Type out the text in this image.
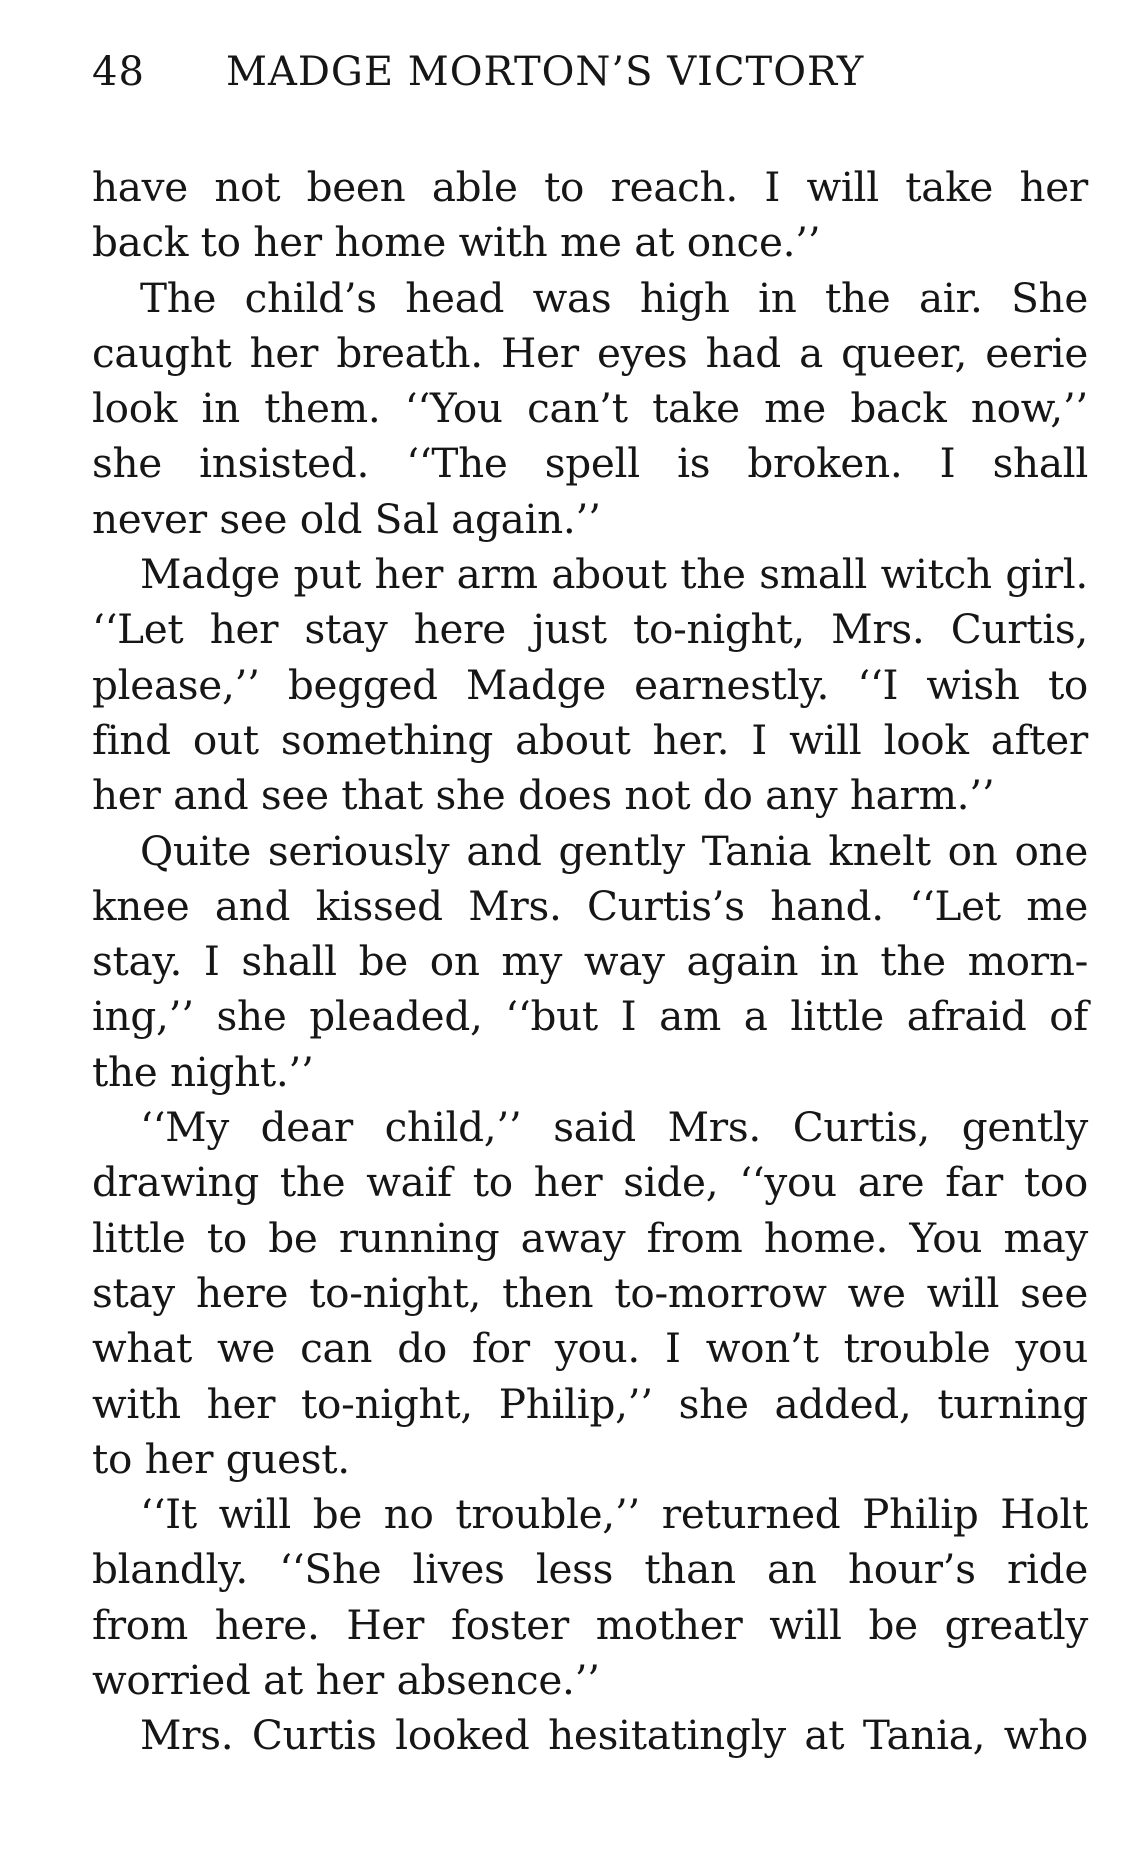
48 MADGE MORTON’S VICTORY
have not been able to reach. I will take her
back to her home with me at once.’’
The child’s head was high in the air. She
caught her breath. Her eyes had a queer, eerie
look in them. ‘‘You can’t take me back now,’’
she insisted. ‘‘The spell is broken. I shall
never see old Sal again.’’
Madge put her arm about the small witch girl.
‘‘Let her stay here just to-night, Mrs. Curtis,
please,’’ begged Madge earnestly. ‘‘I wish to
find out something about her. I will look after
her and see that she does not do any harm.’’
Quite seriously and gently Tania knelt on one
knee and kissed Mrs. Curtis’s hand. ‘‘Let me
stay. I shall be on my way again in the morn-
ing,’’ she pleaded, ‘‘but I am a little afraid of
the night.’’
‘‘My dear child,’’ said Mrs. Curtis, gently
drawing the waif to her side, ‘‘you are far too
little to be running away from home. You may
stay here to-night, then to-morrow we will see
what we can do for you. I won’t trouble you
with her to-night, Philip,’’ she added, turning
to her guest.
‘‘It will be no trouble,’’ returned Philip Holt
blandly. ‘‘She lives less than an hour’s ride
from here. Her foster mother will be greatly
worried at her absence.’’
Mrs. Curtis looked hesitatingly at Tania, who
